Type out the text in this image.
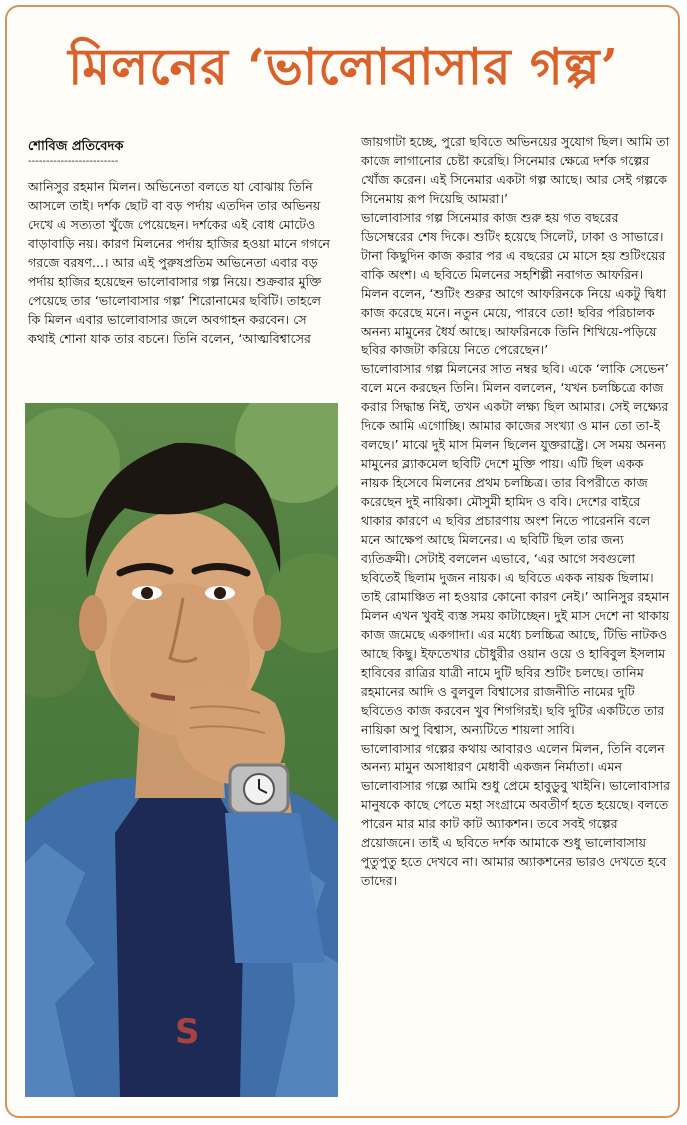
মিলনের ‘ভালোবাসার গল্প’
শোবিজ প্রতিবেদক
-------------------------

আনিসুর রহমান মিলন। অভিনেতা বলতে যা বোঝায় তিনি আসলে তাই। দর্শক ছোট বা বড় পর্দায় এতদিন তার অভিনয় দেখে এ সত্যতা খুঁজে পেয়েছেন। দর্শকের এই বোধ মোটেও বাড়াবাড়ি নয়। কারণ মিলনের পর্দায় হাজির হওয়া মানে গগনে গরজে বরষণ...। আর এই পুরুষপ্রতিম অভিনেতা এবার বড় পর্দায় হাজির হয়েছেন ভালোবাসার গল্প নিয়ে। শুক্রবার মুক্তি পেয়েছে তার ‘ভালোবাসার গল্প’ শিরোনামের ছবিটি। তাহলে কি মিলন এবার ভালোবাসার জলে অবগাহন করবেন। সে কথাই শোনা যাক তার বচনে। তিনি বলেন, ‘আত্মবিশ্বাসের

S

জায়গাটা হচ্ছে, পুরো ছবিতে অভিনয়ের সুযোগ ছিল। আমি তা কাজে লাগানোর চেষ্টা করেছি। সিনেমার ক্ষেত্রে দর্শক গল্পের খোঁজ করেন। এই সিনেমার একটা গল্প আছে। আর সেই গল্পকে সিনেমায় রূপ দিয়েছি আমরা।’

ভালোবাসার গল্প সিনেমার কাজ শুরু হয় গত বছরের ডিসেম্বরের শেষ দিকে। শুটিং হয়েছে সিলেট, ঢাকা ও সাভারে। টানা কিছুদিন কাজ করার পর এ বছরের মে মাসে হয় শুটিংয়ের বাকি অংশ। এ ছবিতে মিলনের সহশিল্পী নবাগত আফরিন। মিলন বলেন, ‘শুটিং শুরুর আগে আফরিনকে নিয়ে একটু দ্বিধা কাজ করেছে মনে। নতুন মেয়ে, পারবে তো! ছবির পরিচালক অনন্য মামুনের ধৈর্য আছে। আফরিনকে তিনি শিখিয়ে-পড়িয়ে ছবির কাজটা করিয়ে নিতে পেরেছেন।’

ভালোবাসার গল্প মিলনের সাত নম্বর ছবি। একে ‘লাকি সেভেন’ বলে মনে করছেন তিনি। মিলন বললেন, ‘যখন চলচ্চিত্রে কাজ করার সিদ্ধান্ত নিই, তখন একটা লক্ষ্য ছিল আমার। সেই লক্ষ্যের দিকে আমি এগোচ্ছি। আমার কাজের সংখ্যা ও মান তো তা-ই বলছে।’ মাঝে দুই মাস মিলন ছিলেন যুক্তরাষ্ট্রে। সে সময় অনন্য মামুনের ব্ল্যাকমেল ছবিটি দেশে মুক্তি পায়। এটি ছিল একক নায়ক হিসেবে মিলনের প্রথম চলচ্চিত্র। তার বিপরীতে কাজ করেছেন দুই নায়িকা। মৌসুমী হামিদ ও ববি। দেশের বাইরে থাকার কারণে এ ছবির প্রচারণায় অংশ নিতে পারেননি বলে মনে আক্ষেপ আছে মিলনের। এ ছবিটি ছিল তার জন্য ব্যতিক্রমী। সেটাই বললেন এভাবে, ‘এর আগে সবগুলো ছবিতেই ছিলাম দুজন নায়ক। এ ছবিতে একক নায়ক ছিলাম। তাই রোমাঞ্চিত না হওয়ার কোনো কারণ নেই।’ আনিসুর রহমান মিলন এখন খুবই ব্যস্ত সময় কাটাচ্ছেন। দুই মাস দেশে না থাকায় কাজ জমেছে একগাদা। এর মধ্যে চলচ্চিত্র আছে, টিভি নাটকও আছে কিছু। ইফতেখার চৌধুরীর ওয়ান ওয়ে ও হাবিবুল ইসলাম হাবিবের রাত্রির যাত্রী নামে দুটি ছবির শুটিং চলছে। তানিম রহমানের আদি ও বুলবুল বিশ্বাসের রাজনীতি নামের দুটি ছবিতেও কাজ করবেন খুব শিগগিরই। ছবি দুটির একটিতে তার নায়িকা অপু বিশ্বাস, অন্যটিতে শায়লা সাবি।

ভালোবাসার গল্পের কথায় আবারও এলেন মিলন, তিনি বলেন অনন্য মামুন অসাধারণ মেধাবী একজন নির্মাতা। এমন ভালোবাসার গল্পে আমি শুধু প্রেমে হাবুডুবু খাইনি। ভালোবাসার মানুষকে কাছে পেতে মহা সংগ্রামে অবতীর্ণ হতে হয়েছে। বলতে পারেন মার মার কাট কাট অ্যাকশন। তবে সবই গল্পের প্রয়োজনে। তাই এ ছবিতে দর্শক আমাকে শুধু ভালোবাসায় পুতুপুতু হতে দেখবে না। আমার অ্যাকশনের ভারও দেখতে হবে তাদের।
